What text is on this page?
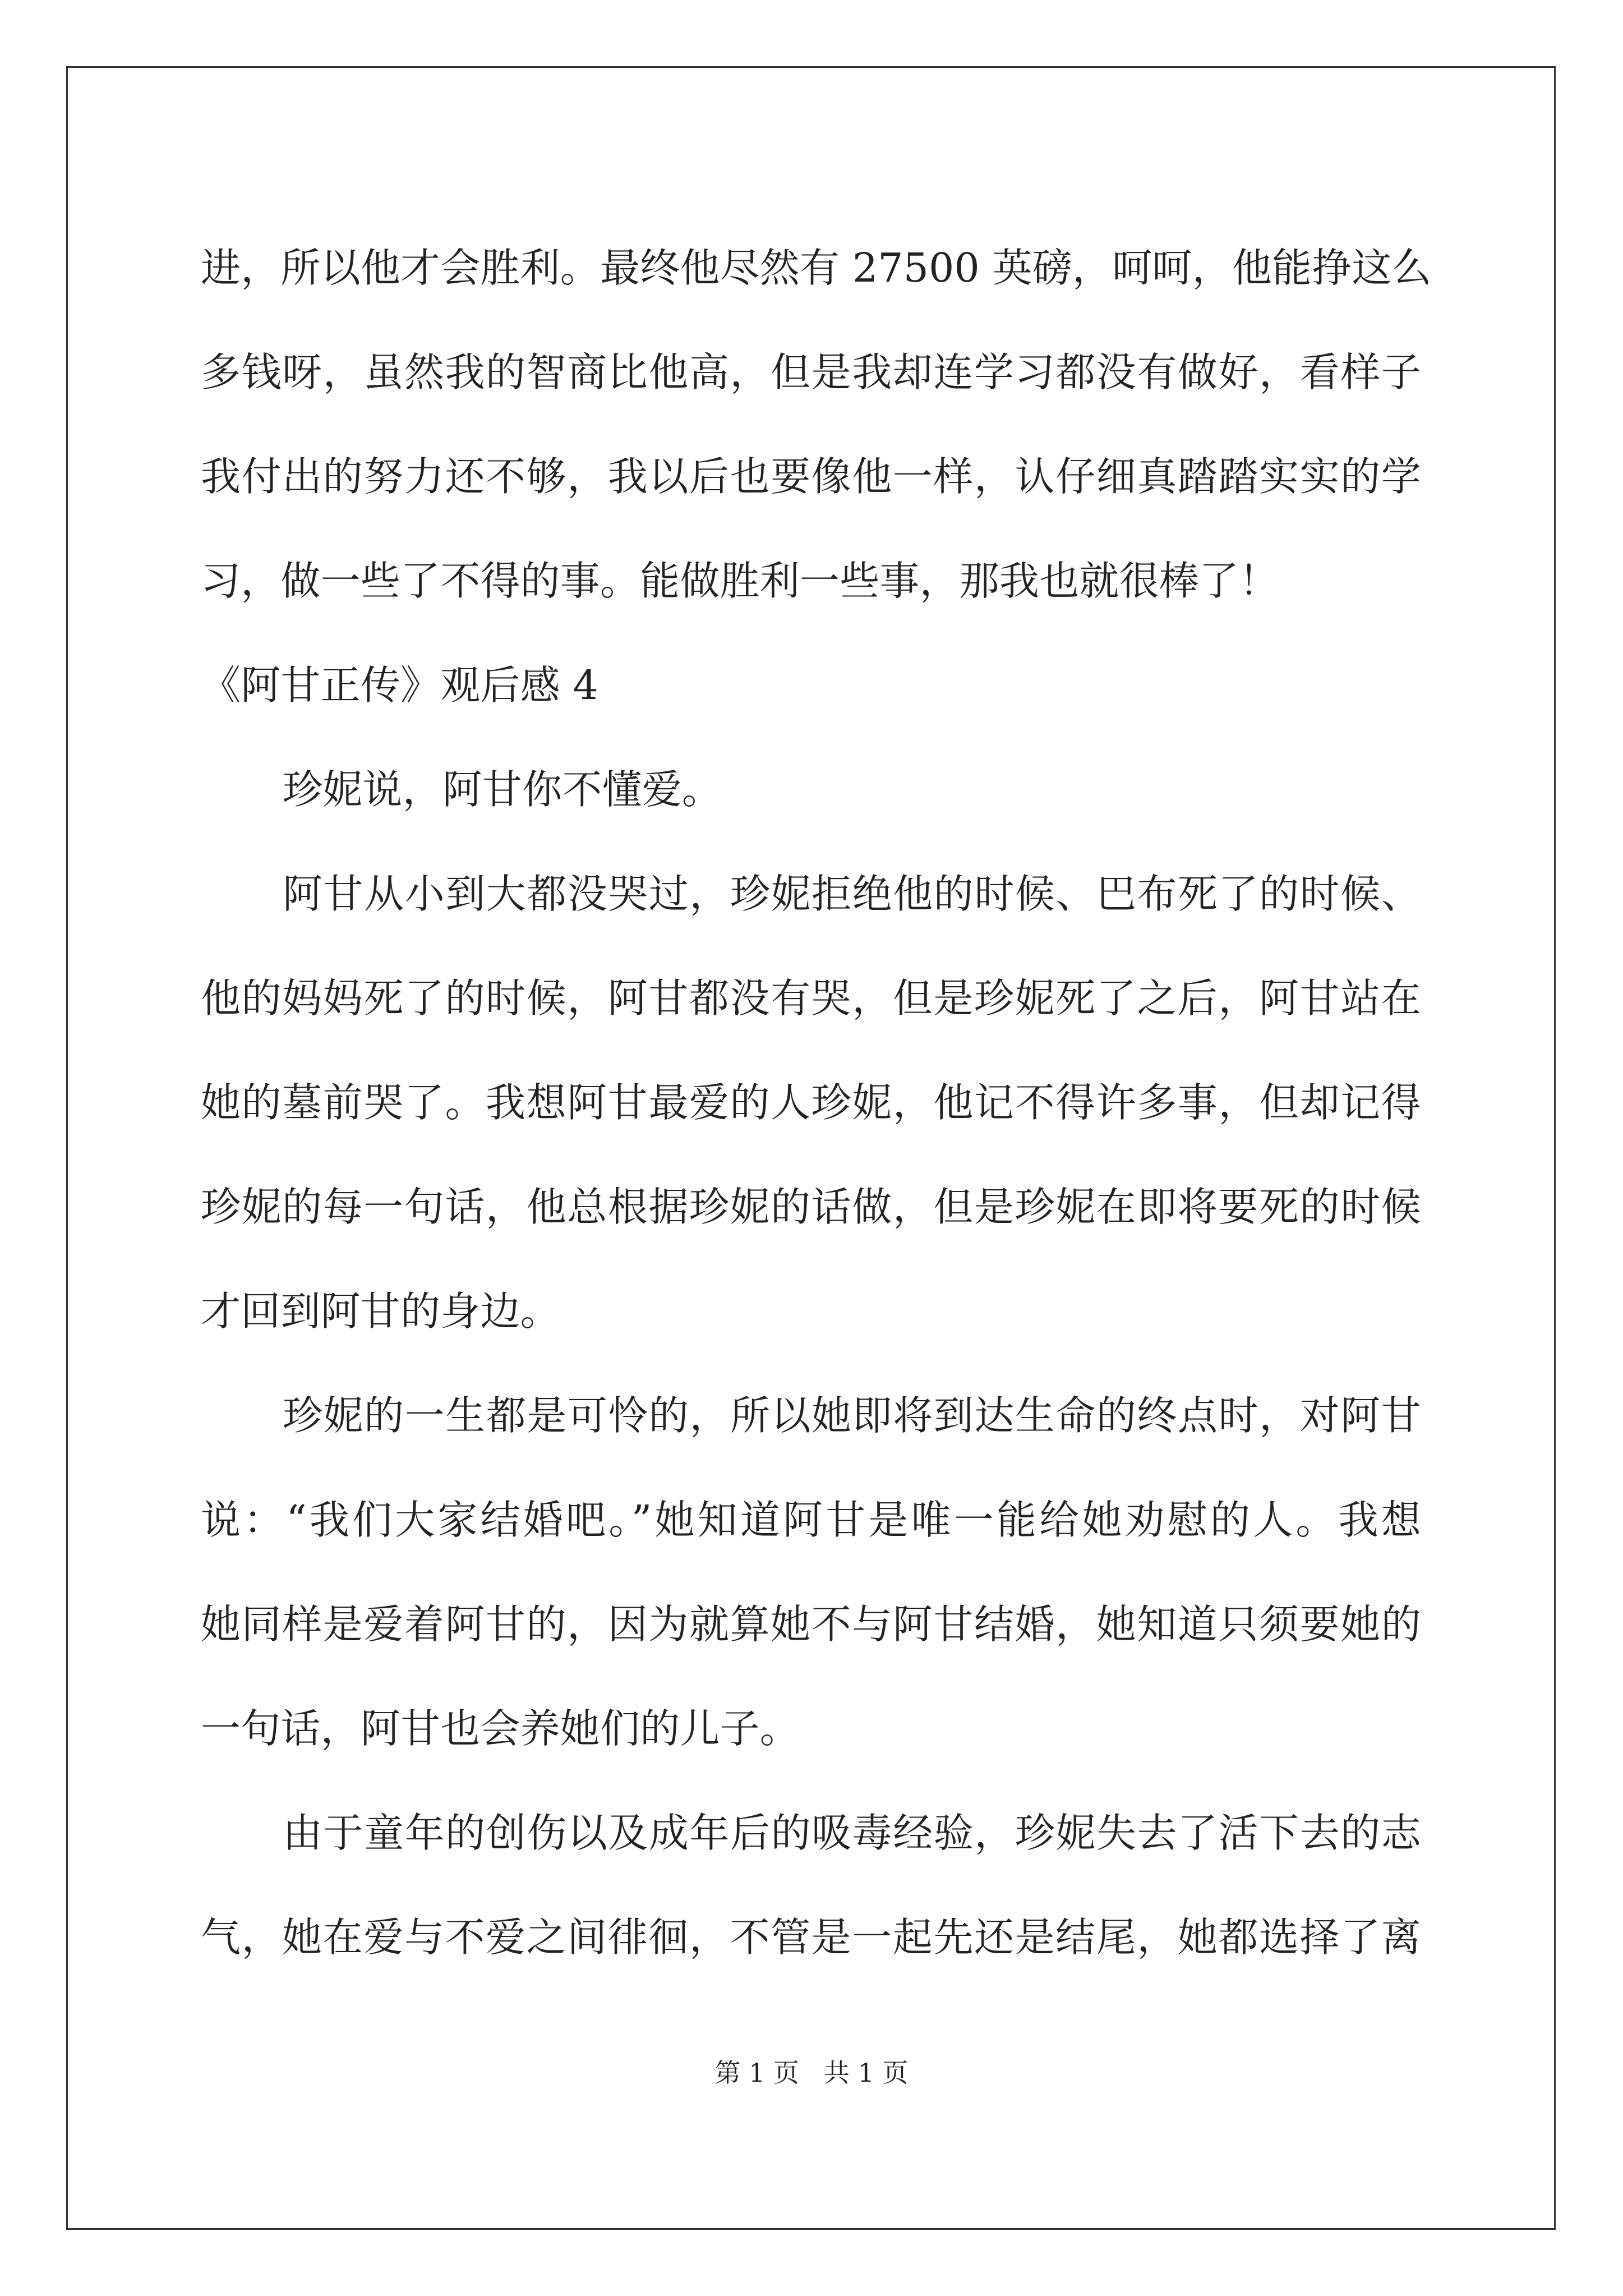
进，所以他才会胜利。最终他尽然有 27500 英磅，呵呵，他能挣这么
多钱呀，虽然我的智商比他高，但是我却连学习都没有做好，看样子
我付出的努力还不够，我以后也要像他一样，认仔细真踏踏实实的学
习，做一些了不得的事。能做胜利一些事，那我也就很棒了！
《阿甘正传》观后感 4
珍妮说，阿甘你不懂爱。
阿甘从小到大都没哭过，珍妮拒绝他的时候、巴布死了的时候、
他的妈妈死了的时候，阿甘都没有哭，但是珍妮死了之后，阿甘站在
她的墓前哭了。我想阿甘最爱的人珍妮，他记不得许多事，但却记得
珍妮的每一句话，他总根据珍妮的话做，但是珍妮在即将要死的时候
才回到阿甘的身边。
珍妮的一生都是可怜的，所以她即将到达生命的终点时，对阿甘
说：“我们大家结婚吧。”她知道阿甘是唯一能给她劝慰的人。我想
她同样是爱着阿甘的，因为就算她不与阿甘结婚，她知道只须要她的
一句话，阿甘也会养她们的儿子。
由于童年的创伤以及成年后的吸毒经验，珍妮失去了活下去的志
气，她在爱与不爱之间徘徊，不管是一起先还是结尾，她都选择了离
第 1 页   共 1 页
